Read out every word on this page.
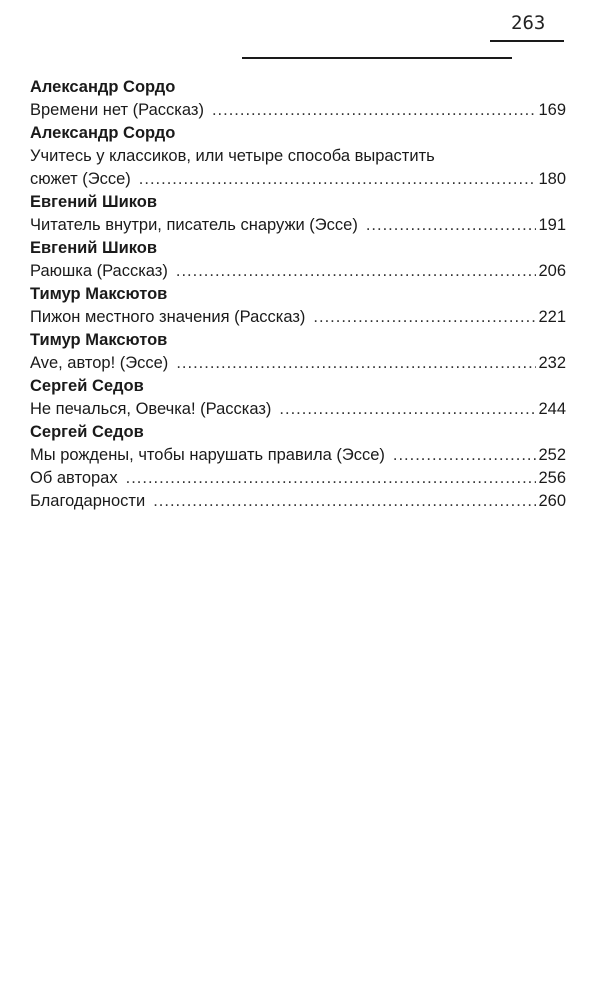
263

Александр Сордо

Времени нет (Рассказ) .....	169

Александр Сордо

Учитесь у классиков, или четыре способа вырастить

сюжет (Эссе) .....	180

Евгений Шиков

Читатель внутри, писатель снаружи (Эссе) .....	191

Евгений Шиков

Раюшка (Рассказ) .....	206

Тимур Максютов

Пижон местного значения (Рассказ) .....	221

Тимур Максютов

Ave, автор! (Эссе) .....	232

Сергей Седов

Не печалься, Овечка! (Рассказ) .....	244

Сергей Седов

Мы рождены, чтобы нарушать правила (Эссе) .....	252

Об авторах .....	256

Благодарности .....	260
